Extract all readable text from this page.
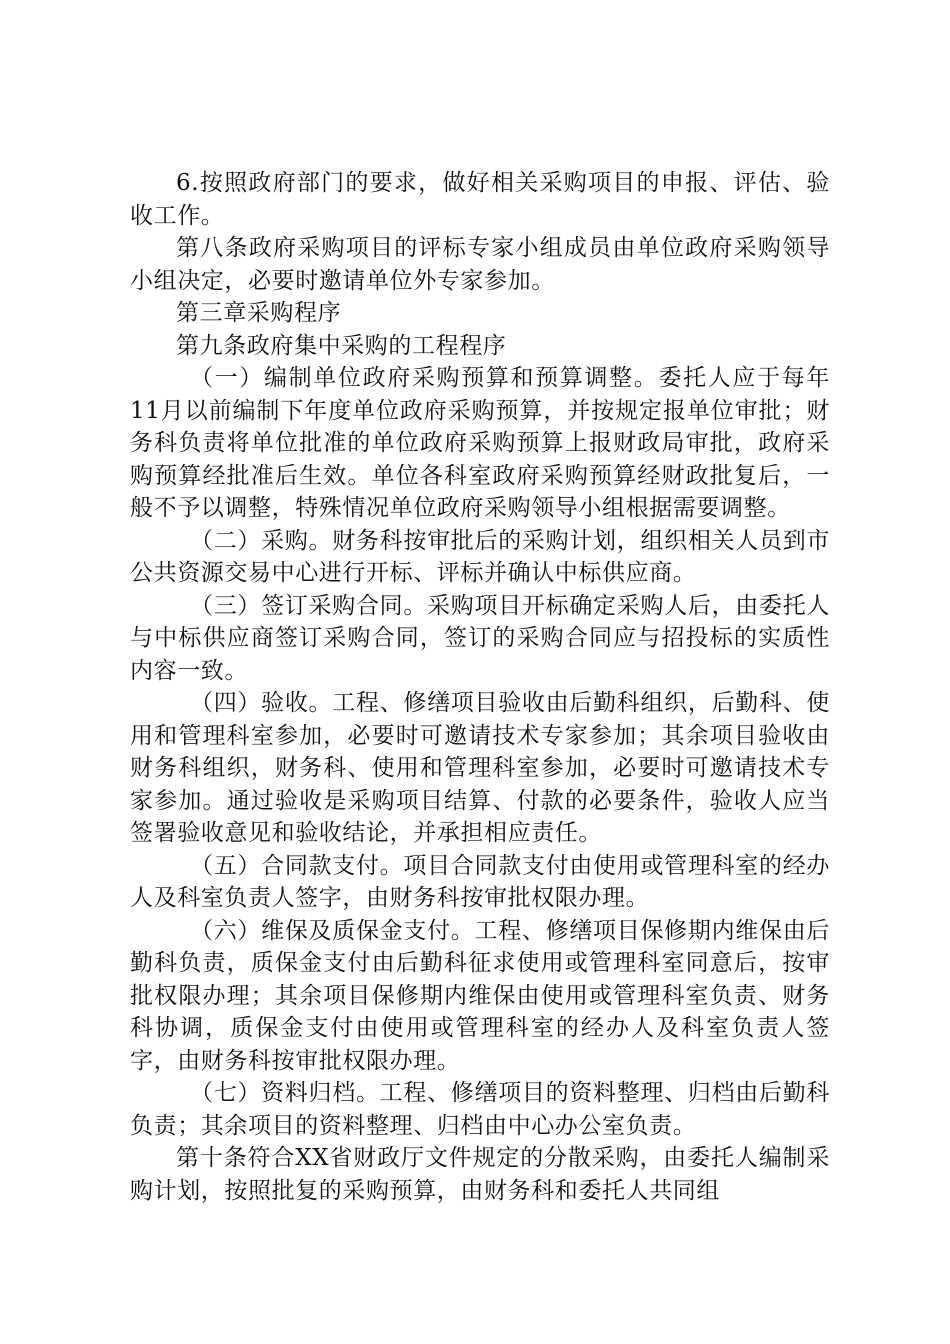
6.按照政府部门的要求，做好相关采购项目的申报、评估、验收工作。

第八条政府采购项目的评标专家小组成员由单位政府采购领导小组决定，必要时邀请单位外专家参加。

第三章采购程序

第九条政府集中采购的工程程序

（一）编制单位政府采购预算和预算调整。委托人应于每年11月以前编制下年度单位政府采购预算，并按规定报单位审批；财务科负责将单位批准的单位政府采购预算上报财政局审批，政府采购预算经批准后生效。单位各科室政府采购预算经财政批复后，一般不予以调整，特殊情况单位政府采购领导小组根据需要调整。

（二）采购。财务科按审批后的采购计划，组织相关人员到市公共资源交易中心进行开标、评标并确认中标供应商。

（三）签订采购合同。采购项目开标确定采购人后，由委托人与中标供应商签订采购合同，签订的采购合同应与招投标的实质性内容一致。

（四）验收。工程、修缮项目验收由后勤科组织，后勤科、使用和管理科室参加，必要时可邀请技术专家参加；其余项目验收由财务科组织，财务科、使用和管理科室参加，必要时可邀请技术专家参加。通过验收是采购项目结算、付款的必要条件，验收人应当签署验收意见和验收结论，并承担相应责任。

（五）合同款支付。项目合同款支付由使用或管理科室的经办人及科室负责人签字，由财务科按审批权限办理。

（六）维保及质保金支付。工程、修缮项目保修期内维保由后勤科负责，质保金支付由后勤科征求使用或管理科室同意后，按审批权限办理；其余项目保修期内维保由使用或管理科室负责、财务科协调，质保金支付由使用或管理科室的经办人及科室负责人签字，由财务科按审批权限办理。

（七）资料归档。工程、修缮项目的资料整理、归档由后勤科负责；其余项目的资料整理、归档由中心办公室负责。

第十条符合XX省财政厅文件规定的分散采购，由委托人编制采购计划，按照批复的采购预算，由财务科和委托人共同组
